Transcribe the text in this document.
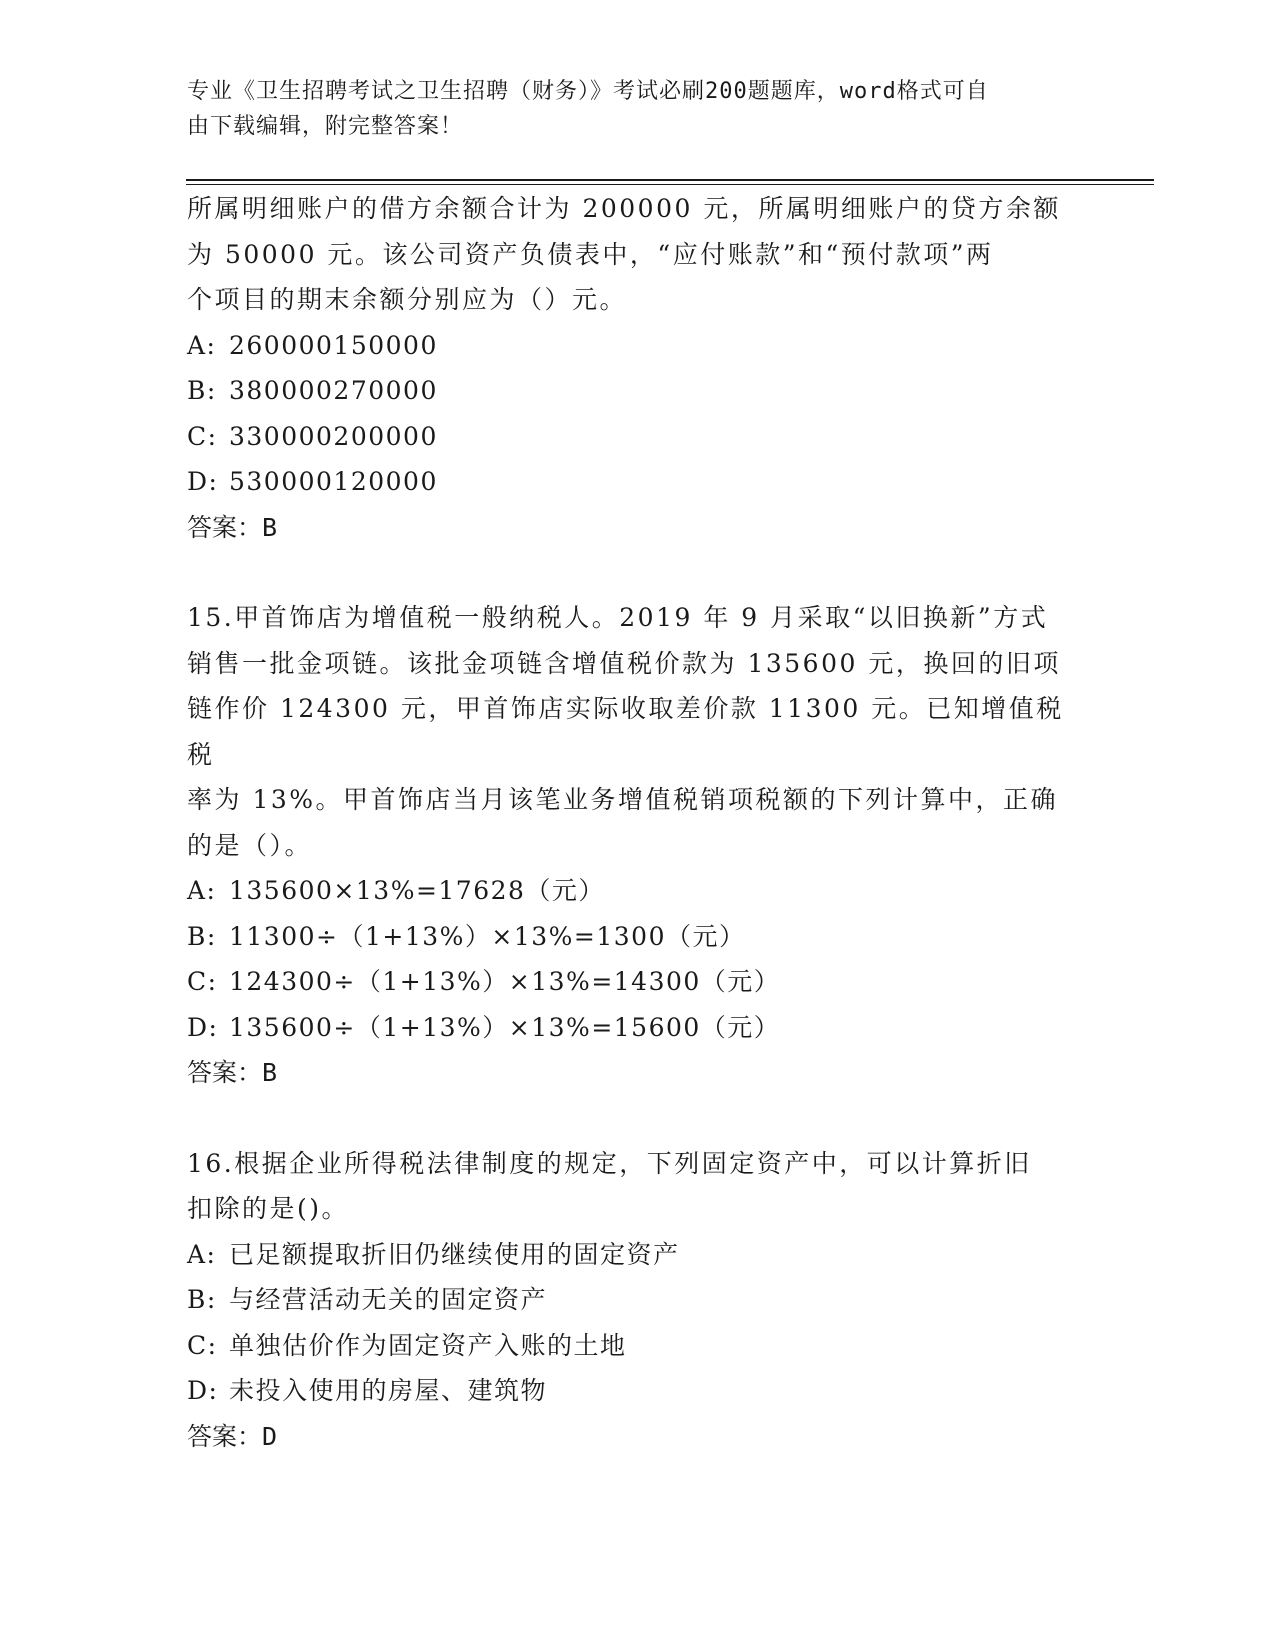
专业《卫生招聘考试之卫生招聘（财务）》考试必刷200题题库，word格式可自
由下载编辑，附完整答案！

所属明细账户的借方余额合计为 200000 元，所属明细账户的贷方余额

为 50000 元。该公司资产负债表中，“应付账款”和“预付款项”两

个项目的期末余额分别应为（）元。

A: 260000150000

B: 380000270000

C: 330000200000

D: 530000120000

答案：B

15.甲首饰店为增值税一般纳税人。2019 年 9 月采取“以旧换新”方式

销售一批金项链。该批金项链含增值税价款为 135600 元，换回的旧项

链作价 124300 元，甲首饰店实际收取差价款 11300 元。已知增值税税

率为 13%。甲首饰店当月该笔业务增值税销项税额的下列计算中，正确

的是（）。

A: 135600×13%=17628（元）

B: 11300÷（1+13%）×13%=1300（元）

C: 124300÷（1+13%）×13%=14300（元）

D: 135600÷（1+13%）×13%=15600（元）

答案：B

16.根据企业所得税法律制度的规定，下列固定资产中，可以计算折旧

扣除的是()。

A: 已足额提取折旧仍继续使用的固定资产

B: 与经营活动无关的固定资产

C: 单独估价作为固定资产入账的土地

D: 未投入使用的房屋、建筑物

答案：D
